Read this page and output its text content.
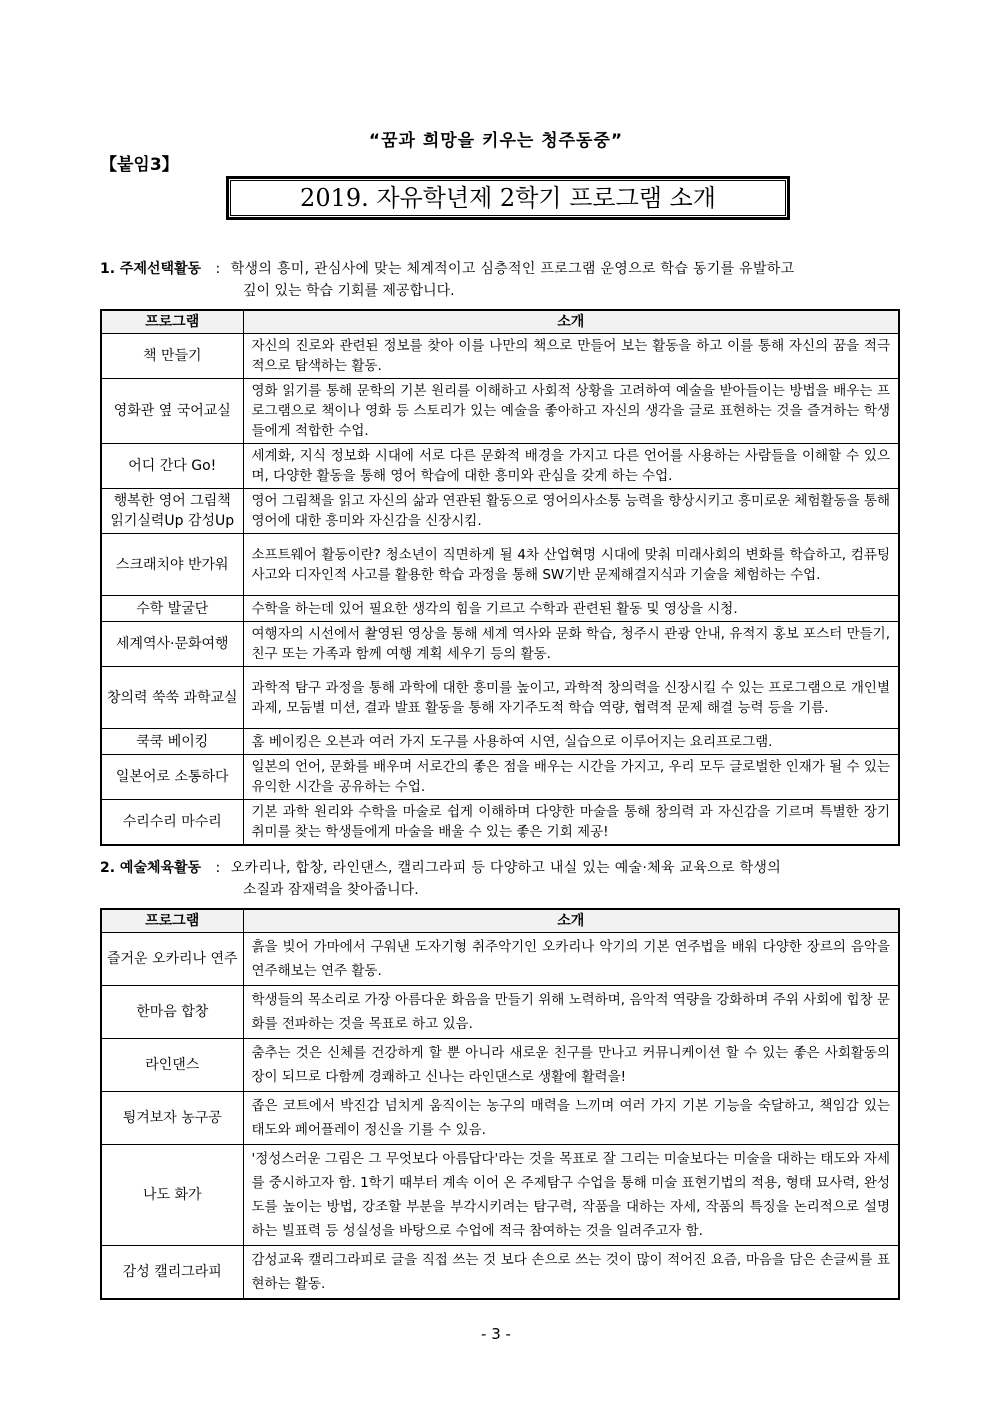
“꿈과 희망을 키우는 청주동중”
【붙임3】
2019. 자유학년제 2학기 프로그램 소개
1. 주제선택활동 : 학생의 흥미, 관심사에 맞는 체계적이고 심층적인 프로그램 운영으로 학습 동기를 유발하고
깊이 있는 학습 기회를 제공합니다.
프로그램	소개
책 만들기	자신의 진로와 관련된 정보를 찾아 이를 나만의 책으로 만들어 보는 활동을 하고 이를 통해 자신의 꿈을 적극적으로 탐색하는 활동.
영화관 옆 국어교실	영화 읽기를 통해 문학의 기본 원리를 이해하고 사회적 상황을 고려하여 예술을 받아들이는 방법을 배우는 프로그램으로 책이나 영화 등 스토리가 있는 예술을 좋아하고 자신의 생각을 글로 표현하는 것을 즐겨하는 학생들에게 적합한 수업.
어디 간다 Go!	세계화, 지식 정보화 시대에 서로 다른 문화적 배경을 가지고 다른 언어를 사용하는 사람들을 이해할 수 있으며, 다양한 활동을 통해 영어 학습에 대한 흥미와 관심을 갖게 하는 수업.
행복한 영어 그림책 읽기실력Up 감성Up	영어 그림책을 읽고 자신의 삶과 연관된 활동으로 영어의사소통 능력을 향상시키고 흥미로운 체험활동을 통해 영어에 대한 흥미와 자신감을 신장시킴.
스크래치야 반가워	소프트웨어 활동이란? 청소년이 직면하게 될 4차 산업혁명 시대에 맞춰 미래사회의 변화를 학습하고, 컴퓨팅 사고와 디자인적 사고를 활용한 학습 과정을 통해 SW기반 문제해결지식과 기술을 체험하는 수업.
수학 발굴단	수학을 하는데 있어 필요한 생각의 힘을 기르고 수학과 관련된 활동 및 영상을 시청.
세계역사·문화여행	여행자의 시선에서 촬영된 영상을 통해 세계 역사와 문화 학습, 청주시 관광 안내, 유적지 홍보 포스터 만들기, 친구 또는 가족과 함께 여행 계획 세우기 등의 활동.
창의력 쑥쑥 과학교실	과학적 탐구 과정을 통해 과학에 대한 흥미를 높이고, 과학적 창의력을 신장시킬 수 있는 프로그램으로 개인별 과제, 모둠별 미션, 결과 발표 활동을 통해 자기주도적 학습 역량, 협력적 문제 해결 능력 등을 기름.
쿡쿡 베이킹	홈 베이킹은 오븐과 여러 가지 도구를 사용하여 시연, 실습으로 이루어지는 요리프로그램.
일본어로 소통하다	일본의 언어, 문화를 배우며 서로간의 좋은 점을 배우는 시간을 가지고, 우리 모두 글로벌한 인재가 될 수 있는 유익한 시간을 공유하는 수업.
수리수리 마수리	기본 과학 원리와 수학을 마술로 쉽게 이해하며 다양한 마술을 통해 창의력 과 자신감을 기르며 특별한 장기 취미를 찾는 학생들에게 마술을 배울 수 있는 좋은 기회 제공!
2. 예술체육활동 : 오카리나, 합창, 라인댄스, 캘리그라피 등 다양하고 내실 있는 예술·체육 교육으로 학생의
소질과 잠재력을 찾아줍니다.
프로그램	소개
즐거운 오카리나 연주	흙을 빚어 가마에서 구워낸 도자기형 취주악기인 오카리나 악기의 기본 연주법을 배워 다양한 장르의 음악을 연주해보는 연주 활동.
한마음 합창	학생들의 목소리로 가장 아름다운 화음을 만들기 위해 노력하며, 음악적 역량을 강화하며 주위 사회에 힙창 문화를 전파하는 것을 목표로 하고 있음.
라인댄스	춤추는 것은 신체를 건강하게 할 뿐 아니라 새로운 친구를 만나고 커뮤니케이션 할 수 있는 좋은 사회활동의 장이 되므로 다함께 경쾌하고 신나는 라인댄스로 생활에 활력을!
튕겨보자 농구공	좁은 코트에서 박진감 넘치게 움직이는 농구의 매력을 느끼며 여러 가지 기본 기능을 숙달하고, 책임감 있는 태도와 페어플레이 정신을 기를 수 있음.
나도 화가	'정성스러운 그림은 그 무엇보다 아름답다'라는 것을 목표로 잘 그리는 미술보다는 미술을 대하는 태도와 자세를 중시하고자 함. 1학기 때부터 계속 이어 온 주제탐구 수업을 통해 미술 표현기법의 적용, 형태 묘사력, 완성도를 높이는 방법, 강조할 부분을 부각시키려는 탐구력, 작품을 대하는 자세, 작품의 특징을 논리적으로 설명하는 빌표력 등 성실성을 바탕으로 수업에 적극 참여하는 것을 일려주고자 함.
감성 캘리그라피	감성교육 캘리그라피로 글을 직접 쓰는 것 보다 손으로 쓰는 것이 많이 적어진 요즘, 마음을 담은 손글씨를 표현하는 활동.
- 3 -
